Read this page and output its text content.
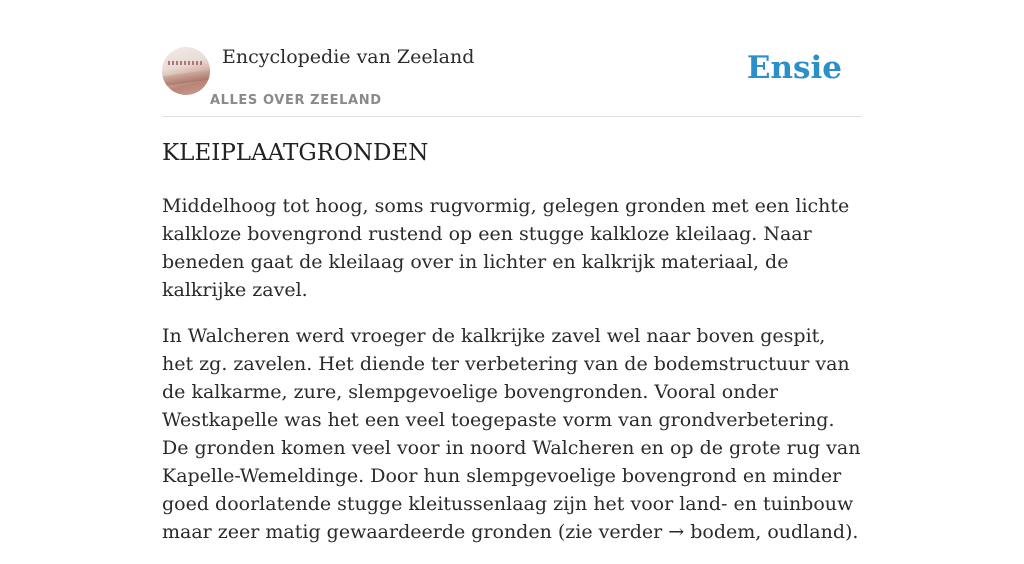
Encyclopedie van Zeeland
ALLES OVER ZEELAND
Ensie
KLEIPLAATGRONDEN

Middelhoog tot hoog, soms rugvormig, gelegen gronden met een lichte kalkloze bovengrond rustend op een stugge kalkloze kleilaag. Naar beneden gaat de kleilaag over in lichter en kalkrijk materiaal, de kalkrijke zavel.

In Walcheren werd vroeger de kalkrijke zavel wel naar boven gespit, het zg. zavelen. Het diende ter verbetering van de bodemstructuur van de kalkarme, zure, slempgevoelige bovengronden. Vooral onder Westkapelle was het een veel toegepaste vorm van grondverbetering. De gronden komen veel voor in noord Walcheren en op de grote rug van Kapelle-Wemeldinge. Door hun slempgevoelige bovengrond en minder goed doorlatende stugge kleitussenlaag zijn het voor land- en tuinbouw maar zeer matig gewaardeerde gronden (zie verder → bodem, oudland).
